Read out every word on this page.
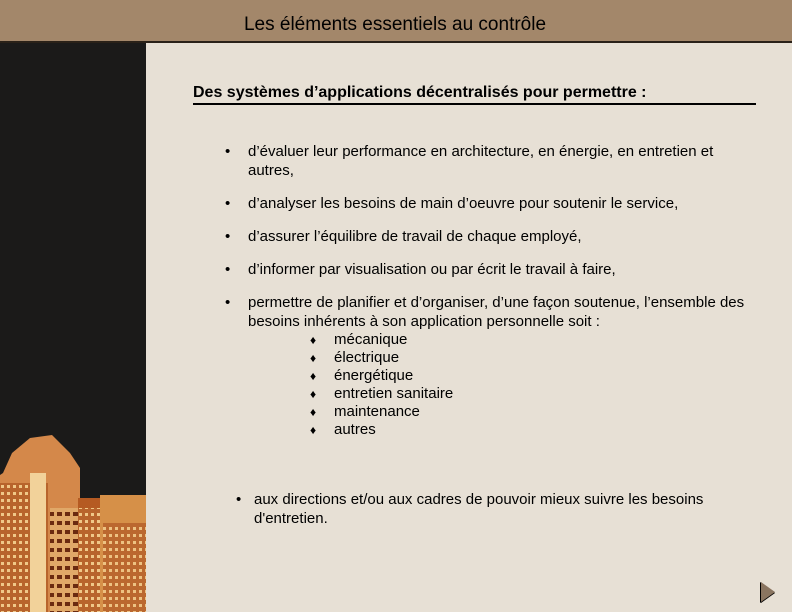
Les éléments essentiels au contrôle
Des systèmes d’applications décentralisés pour permettre :
• d’évaluer leur performance en architecture, en énergie, en entretien et autres,
• d’analyser les besoins de main d’oeuvre pour soutenir le service,
• d’assurer l’équilibre de travail de chaque employé,
• d’informer par visualisation ou par écrit le travail à faire,
• permettre de planifier et d’organiser, d’une façon soutenue, l’ensemble des besoins inhérents à son application personnelle soit :
♦ mécanique
♦ électrique
♦ énergétique
♦ entretien sanitaire
♦ maintenance
♦ autres
• aux directions et/ou aux cadres de pouvoir mieux suivre les besoins d'entretien.
